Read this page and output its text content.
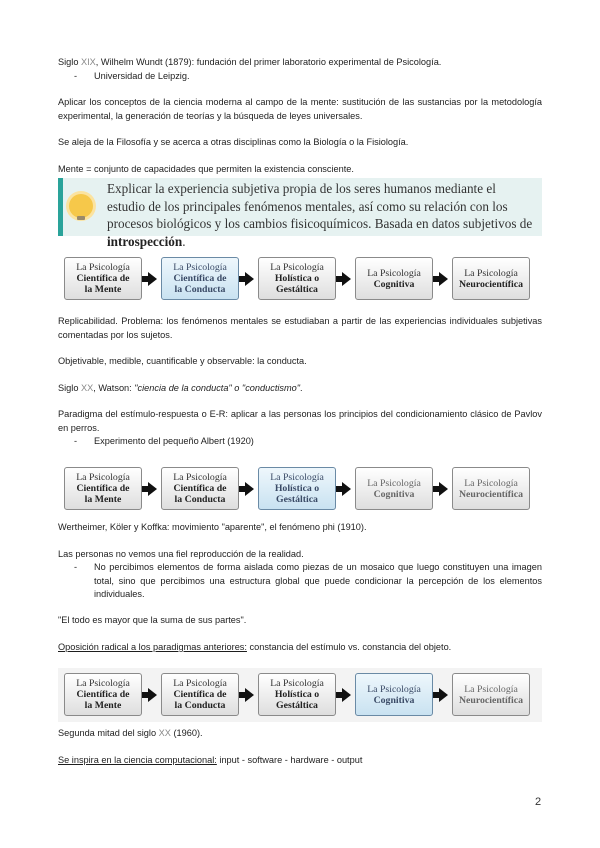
Siglo XIX, Wilhelm Wundt (1879): fundación del primer laboratorio experimental de Psicología.

-	Universidad de Leipzig.

Aplicar los conceptos de la ciencia moderna al campo de la mente: sustitución de las sustancias por la metodología experimental, la generación de teorías y la búsqueda de leyes universales.

Se aleja de la Filosofía y se acerca a otras disciplinas como la Biología o la Fisiología.

Mente = conjunto de capacidades que permiten la existencia consciente.

Explicar la experiencia subjetiva propia de los seres humanos mediante el estudio de los principales fenómenos mentales, así como su relación con los procesos biológicos y los cambios fisicoquímicos. Basada en datos subjetivos de introspección.
La Psicología
Científica de
la Mente
La Psicología
Científica de
la Conducta
La Psicología
Holística o
Gestáltica
La Psicología
Cognitiva
La Psicología
Neurocientífica

Replicabilidad. Problema: los fenómenos mentales se estudiaban a partir de las experiencias individuales subjetivas comentadas por los sujetos.

Objetivable, medible, cuantificable y observable: la conducta.

Siglo XX, Watson: "ciencia de la conducta" o "conductismo".

Paradigma del estímulo-respuesta o E-R: aplicar a las personas los principios del condicionamiento clásico de Pavlov en perros.

-	Experimento del pequeño Albert (1920)
La Psicología
Científica de
la Mente
La Psicología
Científica de
la Conducta
La Psicología
Holística o
Gestáltica
La Psicología
Cognitiva
La Psicología
Neurocientífica

Wertheimer, Köler y Koffka: movimiento "aparente", el fenómeno phi (1910).

Las personas no vemos una fiel reproducción de la realidad.

-	No percibimos elementos de forma aislada como piezas de un mosaico que luego constituyen una imagen total, sino que percibimos una estructura global que puede condicionar la percepción de los elementos individuales.

"El todo es mayor que la suma de sus partes".

Oposición radical a los paradigmas anteriores: constancia del estímulo vs. constancia del objeto.

La Psicología
Científica de
la Mente
La Psicología
Científica de
la Conducta
La Psicología
Holística o
Gestáltica
La Psicología
Cognitiva
La Psicología
Neurocientífica

Segunda mitad del siglo XX (1960).

Se inspira en la ciencia computacional: input - software - hardware - output

2
